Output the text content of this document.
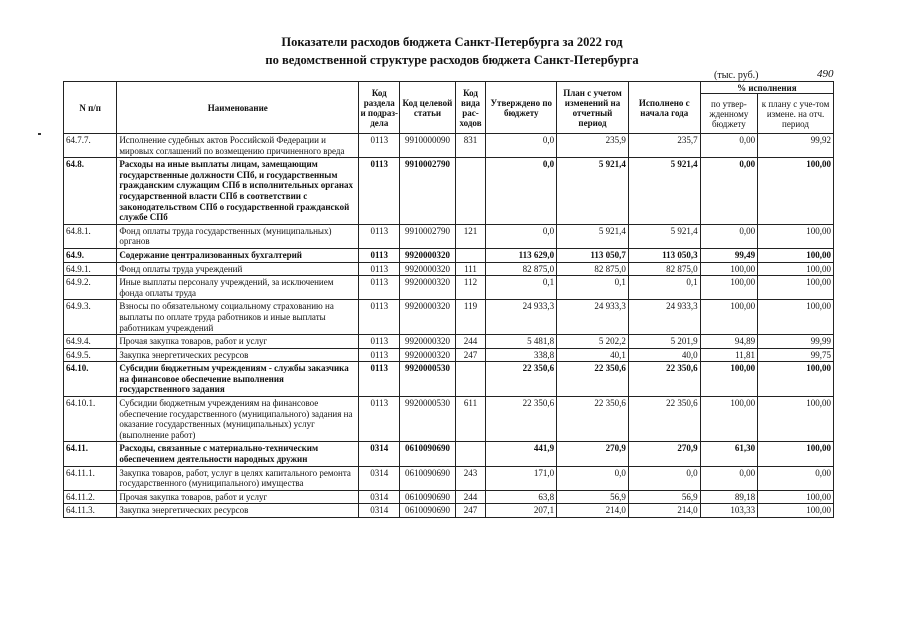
Показатели расходов бюджета Санкт-Петербурга за 2022 год
по ведомственной структуре расходов бюджета Санкт-Петербурга
(тыс. руб.)	490
N п/п	Наименование	Код раздела и подраз-дела	Код целевой статьи	Код вида рас-ходов	Утверждено по бюджету	План с учетом изменений на отчетный период	Исполнено с начала года	% исполнения	
								по утвер-жденному бюджету	к плану с уче-том измене. на отч. период
64.7.7.	Исполнение судебных актов Российской Федерации и мировых соглашений по возмещению причиненного вреда	0113	9910000090	831	0,0	235,9	235,7	0,00	99,92
64.8.	Расходы на иные выплаты лицам, замещающим государственные должности СПб, и государственным гражданским служащим СПб в исполнительных органах государственной власти СПб в соответствии с законодательством СПб о государственной гражданской службе СПб	0113	9910002790		0,0	5 921,4	5 921,4	0,00	100,00
64.8.1.	Фонд оплаты труда государственных (муниципальных) органов	0113	9910002790	121	0,0	5 921,4	5 921,4	0,00	100,00
64.9.	Содержание централизованных бухгалтерий	0113	9920000320		113 629,0	113 050,7	113 050,3	99,49	100,00
64.9.1.	Фонд оплаты труда учреждений	0113	9920000320	111	82 875,0	82 875,0	82 875,0	100,00	100,00
64.9.2.	Иные выплаты персоналу учреждений, за исключением фонда оплаты труда	0113	9920000320	112	0,1	0,1	0,1	100,00	100,00
64.9.3.	Взносы по обязательному социальному страхованию на выплаты по оплате труда работников и иные выплаты работникам учреждений	0113	9920000320	119	24 933,3	24 933,3	24 933,3	100,00	100,00
64.9.4.	Прочая закупка товаров, работ и услуг	0113	9920000320	244	5 481,8	5 202,2	5 201,9	94,89	99,99
64.9.5.	Закупка энергетических ресурсов	0113	9920000320	247	338,8	40,1	40,0	11,81	99,75
64.10.	Субсидии бюджетным учреждениям - службы заказчика на финансовое обеспечение выполнения государственного задания	0113	9920000530		22 350,6	22 350,6	22 350,6	100,00	100,00
64.10.1.	Субсидии бюджетным учреждениям на финансовое обеспечение государственного (муниципального) задания на оказание государственных (муниципальных) услуг (выполнение работ)	0113	9920000530	611	22 350,6	22 350,6	22 350,6	100,00	100,00
64.11.	Расходы, связанные с материально-техническим обеспечением деятельности народных дружин	0314	0610090690		441,9	270,9	270,9	61,30	100,00
64.11.1.	Закупка товаров, работ, услуг в целях капитального ремонта государственного (муниципального) имущества	0314	0610090690	243	171,0	0,0	0,0	0,00	0,00
64.11.2.	Прочая закупка товаров, работ и услуг	0314	0610090690	244	63,8	56,9	56,9	89,18	100,00
64.11.3.	Закупка энергетических ресурсов	0314	0610090690	247	207,1	214,0	214,0	103,33	100,00
